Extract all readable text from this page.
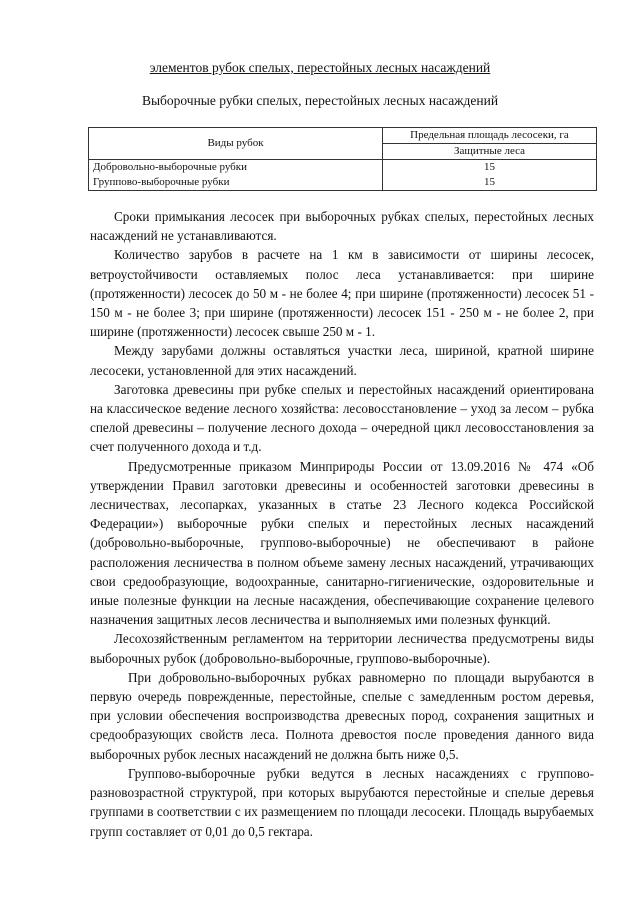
элементов рубок спелых, перестойных лесных насаждений
Выборочные рубки спелых, перестойных лесных насаждений
Виды рубок	Предельная площадь лесосеки, га
	Защитные леса
Добровольно-выборочные рубки	15
Группово-выборочные рубки	15

Сроки примыкания лесосек при выборочных рубках спелых, перестойных лесных насаждений не устанавливаются.

Количество зарубов в расчете на 1 км в зависимости от ширины лесосек, ветроустойчивости оставляемых полос леса устанавливается: при ширине (протяженности) лесосек до 50 м - не более 4; при ширине (протяженности) лесосек 51 - 150 м - не более 3; при ширине (протяженности) лесосек 151 - 250 м - не более 2, при ширине (протяженности) лесосек свыше 250 м - 1.

Между зарубами должны оставляться участки леса, шириной, кратной ширине лесосеки, установленной для этих насаждений.

Заготовка древесины при рубке спелых и перестойных насаждений ориентирована на классическое ведение лесного хозяйства: лесовосстановление – уход за лесом – рубка спелой древесины – получение лесного дохода – очередной цикл лесовосстановления за счет полученного дохода и т.д.

Предусмотренные приказом Минприроды России от 13.09.2016 № 474 «Об утверждении Правил заготовки древесины и особенностей заготовки древесины в лесничествах, лесопарках, указанных в статье 23 Лесного кодекса Российской Федерации») выборочные рубки спелых и перестойных лесных насаждений (добровольно-выборочные, группово-выборочные) не обеспечивают в районе расположения лесничества в полном объеме замену лесных насаждений, утрачивающих свои средообразующие, водоохранные, санитарно-гигиенические, оздоровительные и иные полезные функции на лесные насаждения, обеспечивающие сохранение целевого назначения защитных лесов лесничества и выполняемых ими полезных функций.

Лесохозяйственным регламентом на территории лесничества предусмотрены виды выборочных рубок (добровольно-выборочные, группово-выборочные).

При добровольно-выборочных рубках равномерно по площади вырубаются в первую очередь поврежденные, перестойные, спелые с замедленным ростом деревья, при условии обеспечения воспроизводства древесных пород, сохранения защитных и средообразующих свойств леса. Полнота древостоя после проведения данного вида выборочных рубок лесных насаждений не должна быть ниже 0,5.

Группово-выборочные рубки ведутся в лесных насаждениях с группово-разновозрастной структурой, при которых вырубаются перестойные и спелые деревья группами в соответствии с их размещением по площади лесосеки. Площадь вырубаемых групп составляет от 0,01 до 0,5 гектара.
